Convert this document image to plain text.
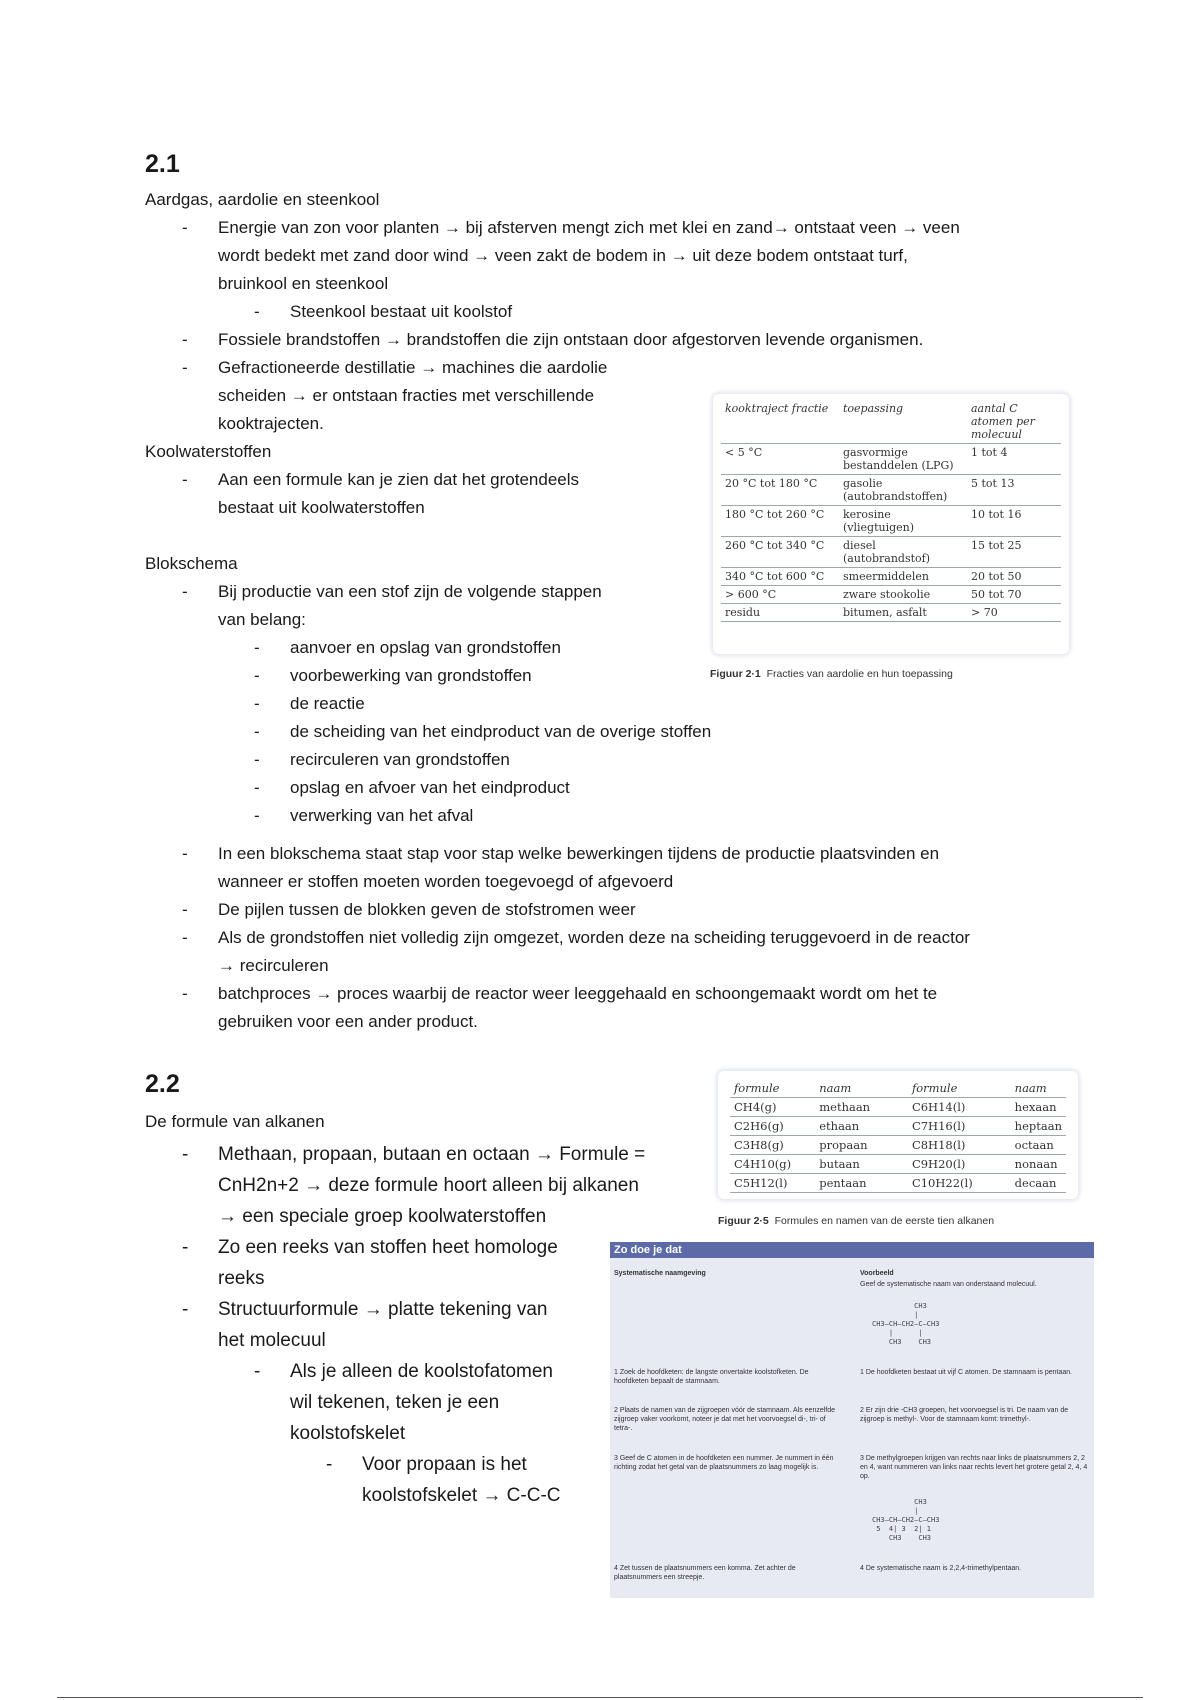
2.1
Aardgas, aardolie en steenkool
- Energie van zon voor planten → bij afsterven mengt zich met klei en zand→ ontstaat veen → veen
wordt bedekt met zand door wind → veen zakt de bodem in → uit deze bodem ontstaat turf,
bruinkool en steenkool
- Steenkool bestaat uit koolstof
- Fossiele brandstoffen → brandstoffen die zijn ontstaan door afgestorven levende organismen.
- Gefractioneerde destillatie → machines die aardolie
scheiden → er ontstaan fracties met verschillende
kooktrajecten.
Koolwaterstoffen
- Aan een formule kan je zien dat het grotendeels
bestaat uit koolwaterstoffen
Blokschema
- Bij productie van een stof zijn de volgende stappen
van belang:
- aanvoer en opslag van grondstoffen
- voorbewerking van grondstoffen
- de reactie
- de scheiding van het eindproduct van de overige stoffen
- recirculeren van grondstoffen
- opslag en afvoer van het eindproduct
- verwerking van het afval
- In een blokschema staat stap voor stap welke bewerkingen tijdens de productie plaatsvinden en
wanneer er stoffen moeten worden toegevoegd of afgevoerd
- De pijlen tussen de blokken geven de stofstromen weer
- Als de grondstoffen niet volledig zijn omgezet, worden deze na scheiding teruggevoerd in de reactor
→ recirculeren
- batchproces → proces waarbij de reactor weer leeggehaald en schoongemaakt wordt om het te
gebruiken voor een ander product.
kooktraject fractie	toepassing	aantal C atomen per molecuul
< 5 °C	gasvormige bestanddelen (LPG)	1 tot 4
20 °C tot 180 °C	gasolie (autobrandstoffen)	5 tot 13
180 °C tot 260 °C	kerosine (vliegtuigen)	10 tot 16
260 °C tot 340 °C	diesel (autobrandstof)	15 tot 25
340 °C tot 600 °C	smeermiddelen	20 tot 50
> 600 °C	zware stookolie	50 tot 70
residu	bitumen, asfalt	> 70
Figuur 2·1 Fracties van aardolie en hun toepassing
2.2
De formule van alkanen
- Methaan, propaan, butaan en octaan → Formule =
CnH2n+2 → deze formule hoort alleen bij alkanen
→ een speciale groep koolwaterstoffen
- Zo een reeks van stoffen heet homologe
reeks
- Structuurformule → platte tekening van
het molecuul
- Als je alleen de koolstofatomen
wil tekenen, teken je een
koolstofskelet
- Voor propaan is het
koolstofskelet → C-C-C
formule	naam	formule	naam
CH4(g)	methaan	C6H14(l)	hexaan
C2H6(g)	ethaan	C7H16(l)	heptaan
C3H8(g)	propaan	C8H18(l)	octaan
C4H10(g)	butaan	C9H20(l)	nonaan
C5H12(l)	pentaan	C10H22(l)	decaan
Figuur 2·5 Formules en namen van de eerste tien alkanen
Zo doe je dat
Systematische naamgeving	Voorbeeld
Geef de systematische naam van onderstaand molecuul.
CH3
|
CH3—CH—CH2—C—CH3
|      |
CH3    CH3
1 Zoek de hoofdketen: de langste onvertakte koolstofketen. De hoofdketen bepaalt de stamnaam.
1 De hoofdketen bestaat uit vijf C atomen. De stamnaam is pentaan.
2 Plaats de namen van de zijgroepen vóór de stamnaam. Als eenzelfde zijgroep vaker voorkomt, noteer je dat met het voorvoegsel di-, tri- of tetra-.
2 Er zijn drie -CH3 groepen, het voorvoegsel is tri. De naam van de zijgroep is methyl-. Voor de stamnaam komt: trimethyl-.
3 Geef de C atomen in de hoofdketen een nummer. Je nummert in één richting zodat het getal van de plaatsnummers zo laag mogelijk is.
3 De methylgroepen krijgen van rechts naar links de plaatsnummers 2, 2 en 4, want nummeren van links naar rechts levert het grotere getal 2, 4, 4 op.
CH3
|
CH3—CH—CH2—C—CH3
5  4| 3  2| 1
CH3    CH3
4 Zet tussen de plaatsnummers een komma. Zet achter de plaatsnummers een streepje.
4 De systematische naam is 2,2,4-trimethylpentaan.
